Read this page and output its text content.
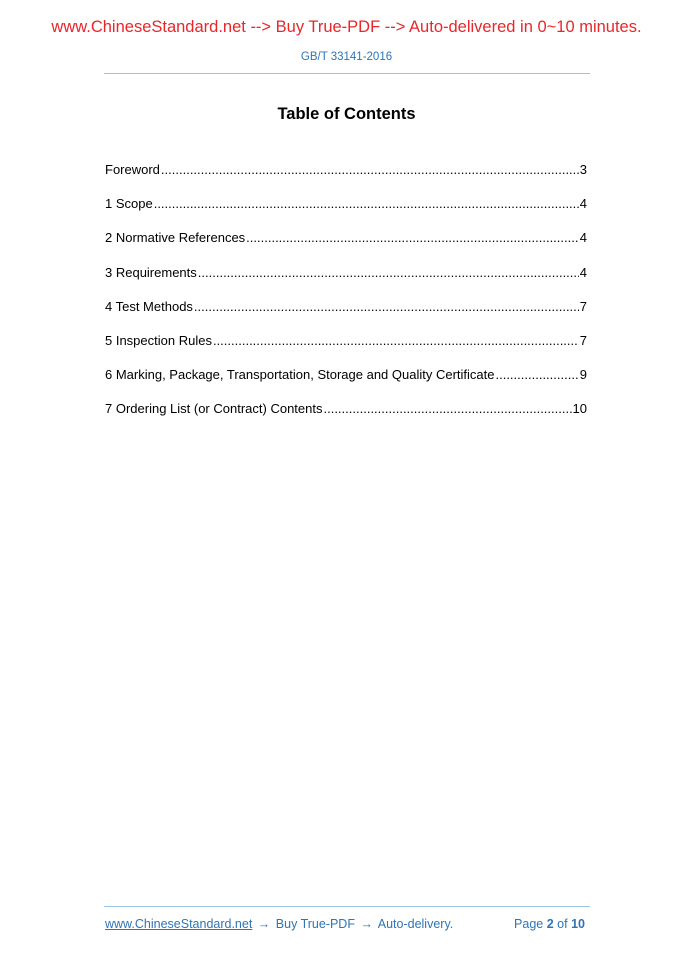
www.ChineseStandard.net --> Buy True-PDF --> Auto-delivered in 0~10 minutes.
GB/T 33141-2016
Table of Contents
Foreword .....	3
1 Scope .....	4
2 Normative References .....	4
3 Requirements .....	4
4 Test Methods .....	7
5 Inspection Rules .....	7
6 Marking, Package, Transportation, Storage and Quality Certificate .....	9
7 Ordering List (or Contract) Contents .....	10
www.ChineseStandard.net → Buy True-PDF → Auto-delivery.	Page 2 of 10
